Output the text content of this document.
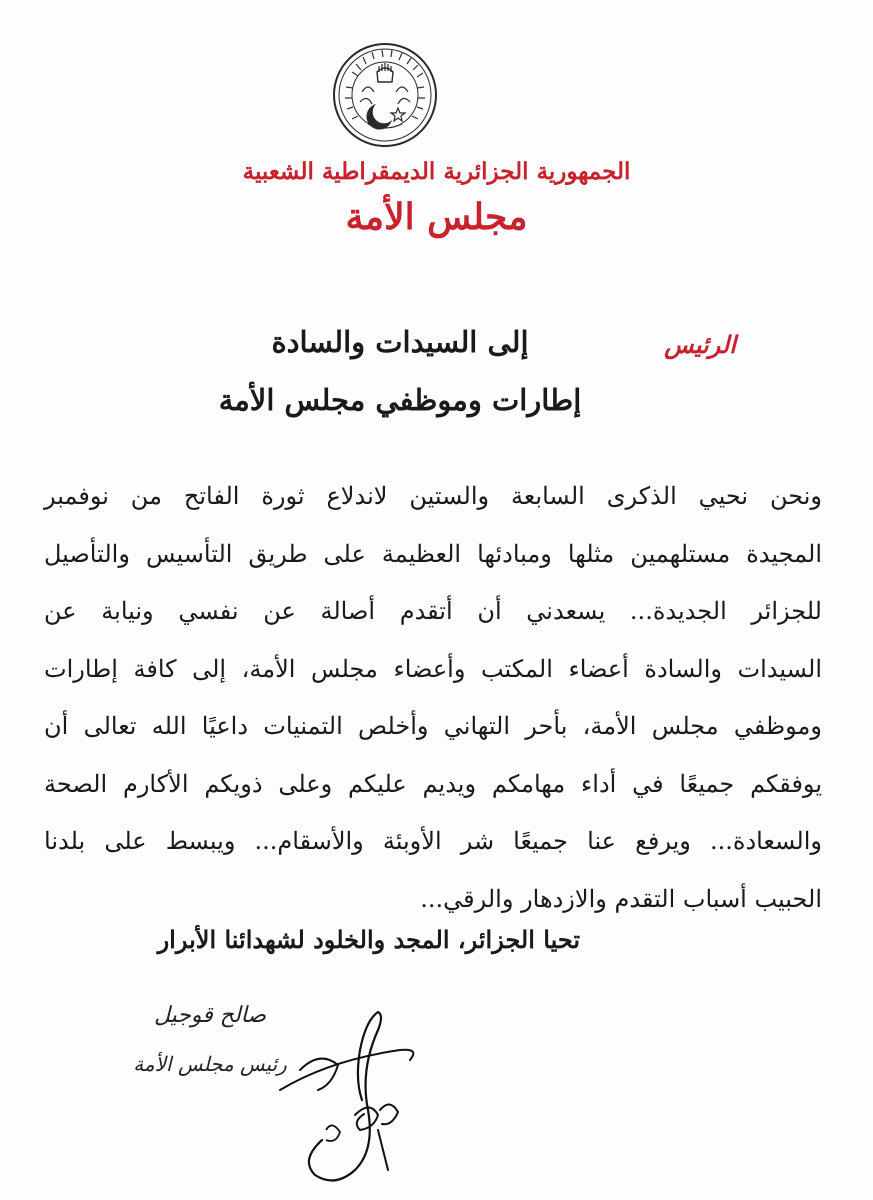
الجمهورية الجزائرية الديمقراطية الشعبية
مجلس الأمة
الرئيس
إلى السيدات والسادة
إطارات وموظفي مجلس الأمة
ونحن نحيي الذكرى السابعة والستين لاندلاع ثورة الفاتح من نوفمبر
المجيدة مستلهمين مثلها ومبادئها العظيمة على طريق التأسيس والتأصيل
للجزائر الجديدة... يسعدني أن أتقدم أصالة عن نفسي ونيابة عن
السيدات والسادة أعضاء المكتب وأعضاء مجلس الأمة، إلى كافة إطارات
وموظفي مجلس الأمة، بأحر التهاني وأخلص التمنيات داعيًا الله تعالى أن
يوفقكم جميعًا في أداء مهامكم ويديم عليكم وعلى ذويكم الأكارم الصحة
والسعادة... ويرفع عنا جميعًا شر الأوبئة والأسقام... ويبسط على بلدنا
الحبيب أسباب التقدم والازدهار والرقي...
تحيا الجزائر، المجد والخلود لشهدائنا الأبرار
صالح قوجيل
رئيس مجلس الأمة
